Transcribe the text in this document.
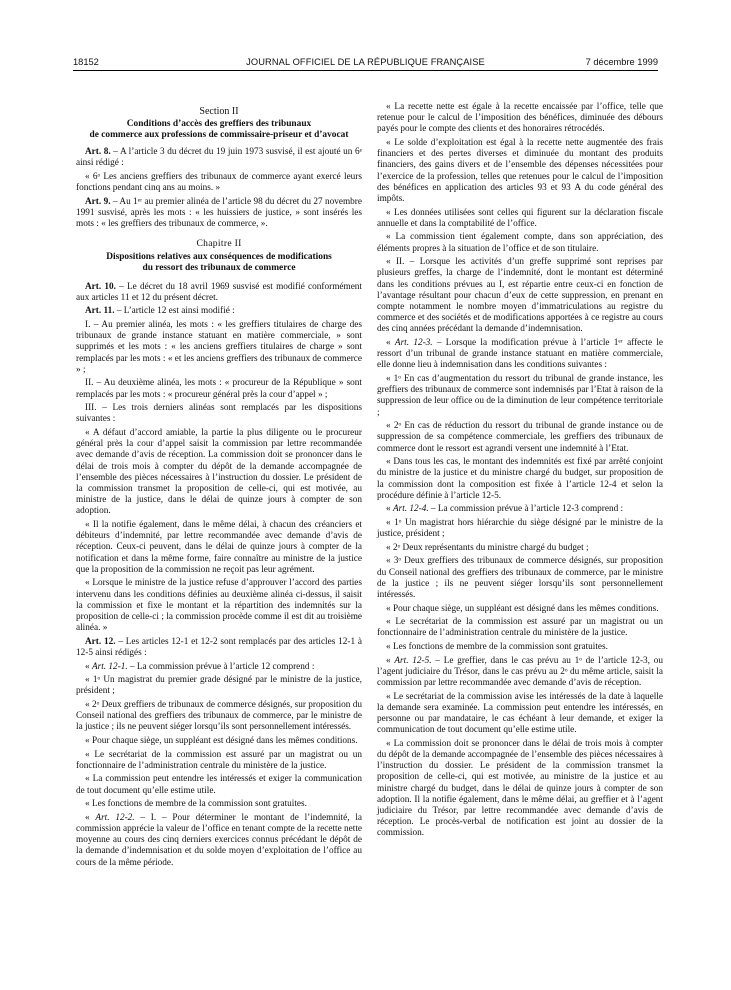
18152	JOURNAL OFFICIEL DE LA RÉPUBLIQUE FRANÇAISE	7 décembre 1999
Section II
Conditions d’accès des greffiers des tribunaux
de commerce aux professions de commissaire-priseur et d’avocat

Art. 8. – A l’article 3 du décret du 19 juin 1973 susvisé, il est ajouté un 6ᵉ ainsi rédigé :

« 6ᵒ Les anciens greffiers des tribunaux de commerce ayant exercé leurs fonctions pendant cinq ans au moins. »

Art. 9. – Au 1ᵉʳ au premier alinéa de l’article 98 du décret du 27 novembre 1991 susvisé, après les mots : « les huissiers de justice, » sont insérés les mots : « les greffiers des tribunaux de commerce, ».

Chapitre II
Dispositions relatives aux conséquences de modifications
du ressort des tribunaux de commerce

Art. 10. – Le décret du 18 avril 1969 susvisé est modifié conformément aux articles 11 et 12 du présent décret.

Art. 11. – L’article 12 est ainsi modifié :

I. – Au premier alinéa, les mots : « les greffiers titulaires de charge des tribunaux de grande instance statuant en matière commerciale, » sont supprimés et les mots : « les anciens greffiers titulaires de charge » sont remplacés par les mots : « et les anciens greffiers des tribunaux de commerce » ;

II. – Au deuxième alinéa, les mots : « procureur de la République » sont remplacés par les mots : « procureur général près la cour d’appel » ;

III. – Les trois derniers alinéas sont remplacés par les dispositions suivantes :

« A défaut d’accord amiable, la partie la plus diligente ou le procureur général près la cour d’appel saisit la commission par lettre recommandée avec demande d’avis de réception. La commission doit se prononcer dans le délai de trois mois à compter du dépôt de la demande accompagnée de l’ensemble des pièces nécessaires à l’instruction du dossier. Le président de la commission transmet la proposition de celle-ci, qui est motivée, au ministre de la justice, dans le délai de quinze jours à compter de son adoption.

« Il la notifie également, dans le même délai, à chacun des créanciers et débiteurs d’indemnité, par lettre recommandée avec demande d’avis de réception. Ceux-ci peuvent, dans le délai de quinze jours à compter de la notification et dans la même forme, faire connaître au ministre de la justice que la proposition de la commission ne reçoit pas leur agrément.

« Lorsque le ministre de la justice refuse d’approuver l’accord des parties intervenu dans les conditions définies au deuxième alinéa ci-dessus, il saisit la commission et fixe le montant et la répartition des indemnités sur la proposition de celle-ci ; la commission procède comme il est dit au troisième alinéa. »

Art. 12. – Les articles 12-1 et 12-2 sont remplacés par des articles 12-1 à 12-5 ainsi rédigés :

« Art. 12-1. – La commission prévue à l’article 12 comprend :

« 1ᵒ Un magistrat du premier grade désigné par le ministre de la justice, président ;

« 2ᵒ Deux greffiers de tribunaux de commerce désignés, sur proposition du Conseil national des greffiers des tribunaux de commerce, par le ministre de la justice ; ils ne peuvent siéger lorsqu’ils sont personnellement intéressés.

« Pour chaque siège, un suppléant est désigné dans les mêmes conditions.

« Le secrétariat de la commission est assuré par un magistrat ou un fonctionnaire de l’administration centrale du ministère de la justice.

« La commission peut entendre les intéressés et exiger la communication de tout document qu’elle estime utile.

« Les fonctions de membre de la commission sont gratuites.

« Art. 12-2. – I. – Pour déterminer le montant de l’indemnité, la commission apprécie la valeur de l’office en tenant compte de la recette nette moyenne au cours des cinq derniers exercices connus précédant le dépôt de la demande d’indemnisation et du solde moyen d’exploitation de l’office au cours de la même période.

« La recette nette est égale à la recette encaissée par l’office, telle que retenue pour le calcul de l’imposition des bénéfices, diminuée des débours payés pour le compte des clients et des honoraires rétrocédés.

« Le solde d’exploitation est égal à la recette nette augmentée des frais financiers et des pertes diverses et diminuée du montant des produits financiers, des gains divers et de l’ensemble des dépenses nécessitées pour l’exercice de la profession, telles que retenues pour le calcul de l’imposition des bénéfices en application des articles 93 et 93 A du code général des impôts.

« Les données utilisées sont celles qui figurent sur la déclaration fiscale annuelle et dans la comptabilité de l’office.

« La commission tient également compte, dans son appréciation, des éléments propres à la situation de l’office et de son titulaire.

« II. – Lorsque les activités d’un greffe supprimé sont reprises par plusieurs greffes, la charge de l’indemnité, dont le montant est déterminé dans les conditions prévues au I, est répartie entre ceux-ci en fonction de l’avantage résultant pour chacun d’eux de cette suppression, en prenant en compte notamment le nombre moyen d’immatriculations au registre du commerce et des sociétés et de modifications apportées à ce registre au cours des cinq années précédant la demande d’indemnisation.

« Art. 12-3. – Lorsque la modification prévue à l’article 1ᵉʳ affecte le ressort d’un tribunal de grande instance statuant en matière commerciale, elle donne lieu à indemnisation dans les conditions suivantes :

« 1ᵒ En cas d’augmentation du ressort du tribunal de grande instance, les greffiers des tribunaux de commerce sont indemnisés par l’Etat à raison de la suppression de leur office ou de la diminution de leur compétence territoriale ;

« 2ᵒ En cas de réduction du ressort du tribunal de grande instance ou de suppression de sa compétence commerciale, les greffiers des tribunaux de commerce dont le ressort est agrandi versent une indemnité à l’Etat.

« Dans tous les cas, le montant des indemnités est fixé par arrêté conjoint du ministre de la justice et du ministre chargé du budget, sur proposition de la commission dont la composition est fixée à l’article 12-4 et selon la procédure définie à l’article 12-5.

« Art. 12-4. – La commission prévue à l’article 12-3 comprend :

« 1ᵒ Un magistrat hors hiérarchie du siège désigné par le ministre de la justice, président ;

« 2ᵒ Deux représentants du ministre chargé du budget ;

« 3ᵒ Deux greffiers des tribunaux de commerce désignés, sur proposition du Conseil national des greffiers des tribunaux de commerce, par le ministre de la justice ; ils ne peuvent siéger lorsqu’ils sont personnellement intéressés.

« Pour chaque siège, un suppléant est désigné dans les mêmes conditions.

« Le secrétariat de la commission est assuré par un magistrat ou un fonctionnaire de l’administration centrale du ministère de la justice.

« Les fonctions de membre de la commission sont gratuites.

« Art. 12-5. – Le greffier, dans le cas prévu au 1ᵒ de l’article 12-3, ou l’agent judiciaire du Trésor, dans le cas prévu au 2ᵒ du même article, saisit la commission par lettre recommandée avec demande d’avis de réception.

« Le secrétariat de la commission avise les intéressés de la date à laquelle la demande sera examinée. La commission peut entendre les intéressés, en personne ou par mandataire, le cas échéant à leur demande, et exiger la communication de tout document qu’elle estime utile.

« La commission doit se prononcer dans le délai de trois mois à compter du dépôt de la demande accompagnée de l’ensemble des pièces nécessaires à l’instruction du dossier. Le président de la commission transmet la proposition de celle-ci, qui est motivée, au ministre de la justice et au ministre chargé du budget, dans le délai de quinze jours à compter de son adoption. Il la notifie également, dans le même délai, au greffier et à l’agent judiciaire du Trésor, par lettre recommandée avec demande d’avis de réception. Le procès-verbal de notification est joint au dossier de la commission.
